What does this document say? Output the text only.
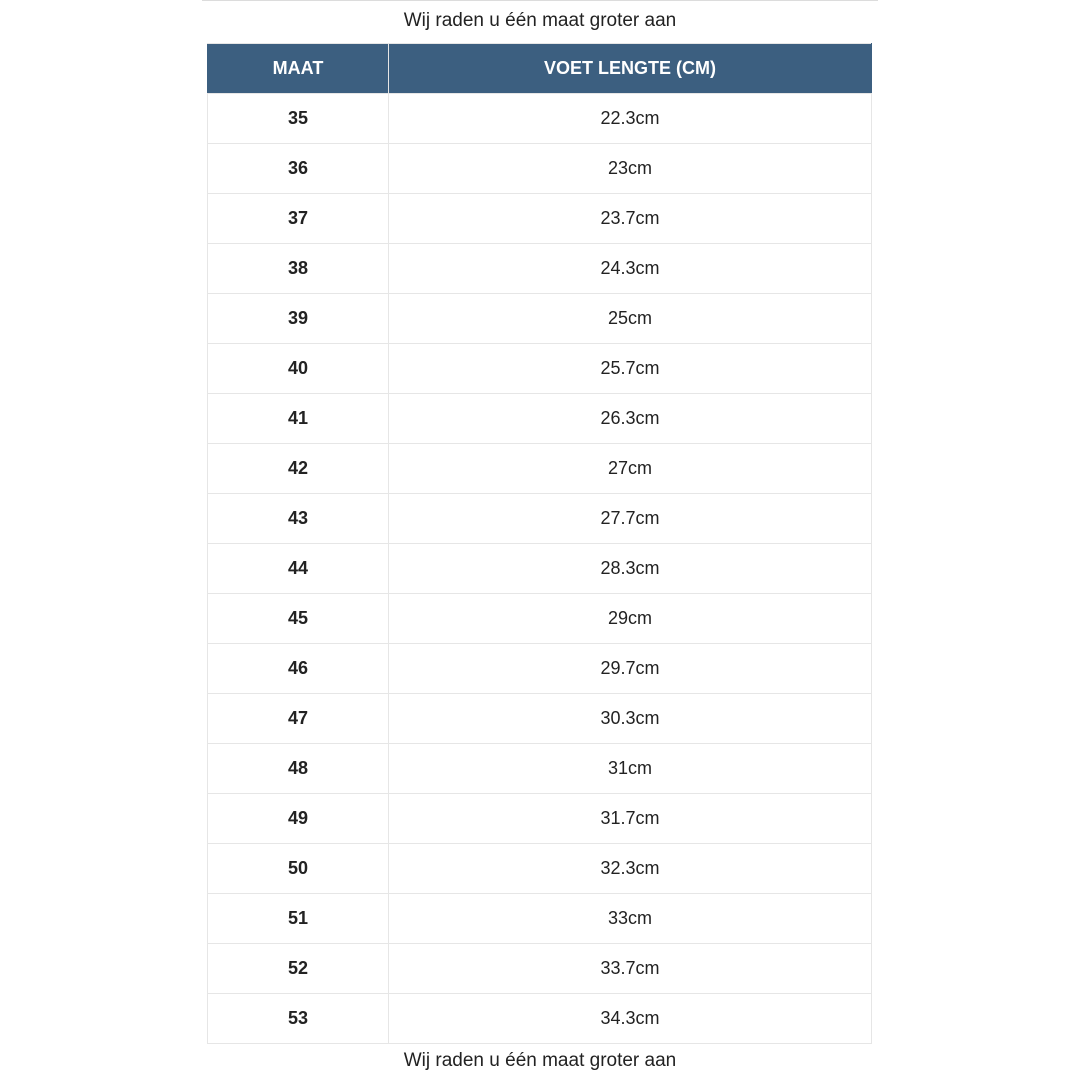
Wij raden u één maat groter aan
MAAT	VOET LENGTE (CM)
35	22.3cm
36	23cm
37	23.7cm
38	24.3cm
39	25cm
40	25.7cm
41	26.3cm
42	27cm
43	27.7cm
44	28.3cm
45	29cm
46	29.7cm
47	30.3cm
48	31cm
49	31.7cm
50	32.3cm
51	33cm
52	33.7cm
53	34.3cm
Wij raden u één maat groter aan
